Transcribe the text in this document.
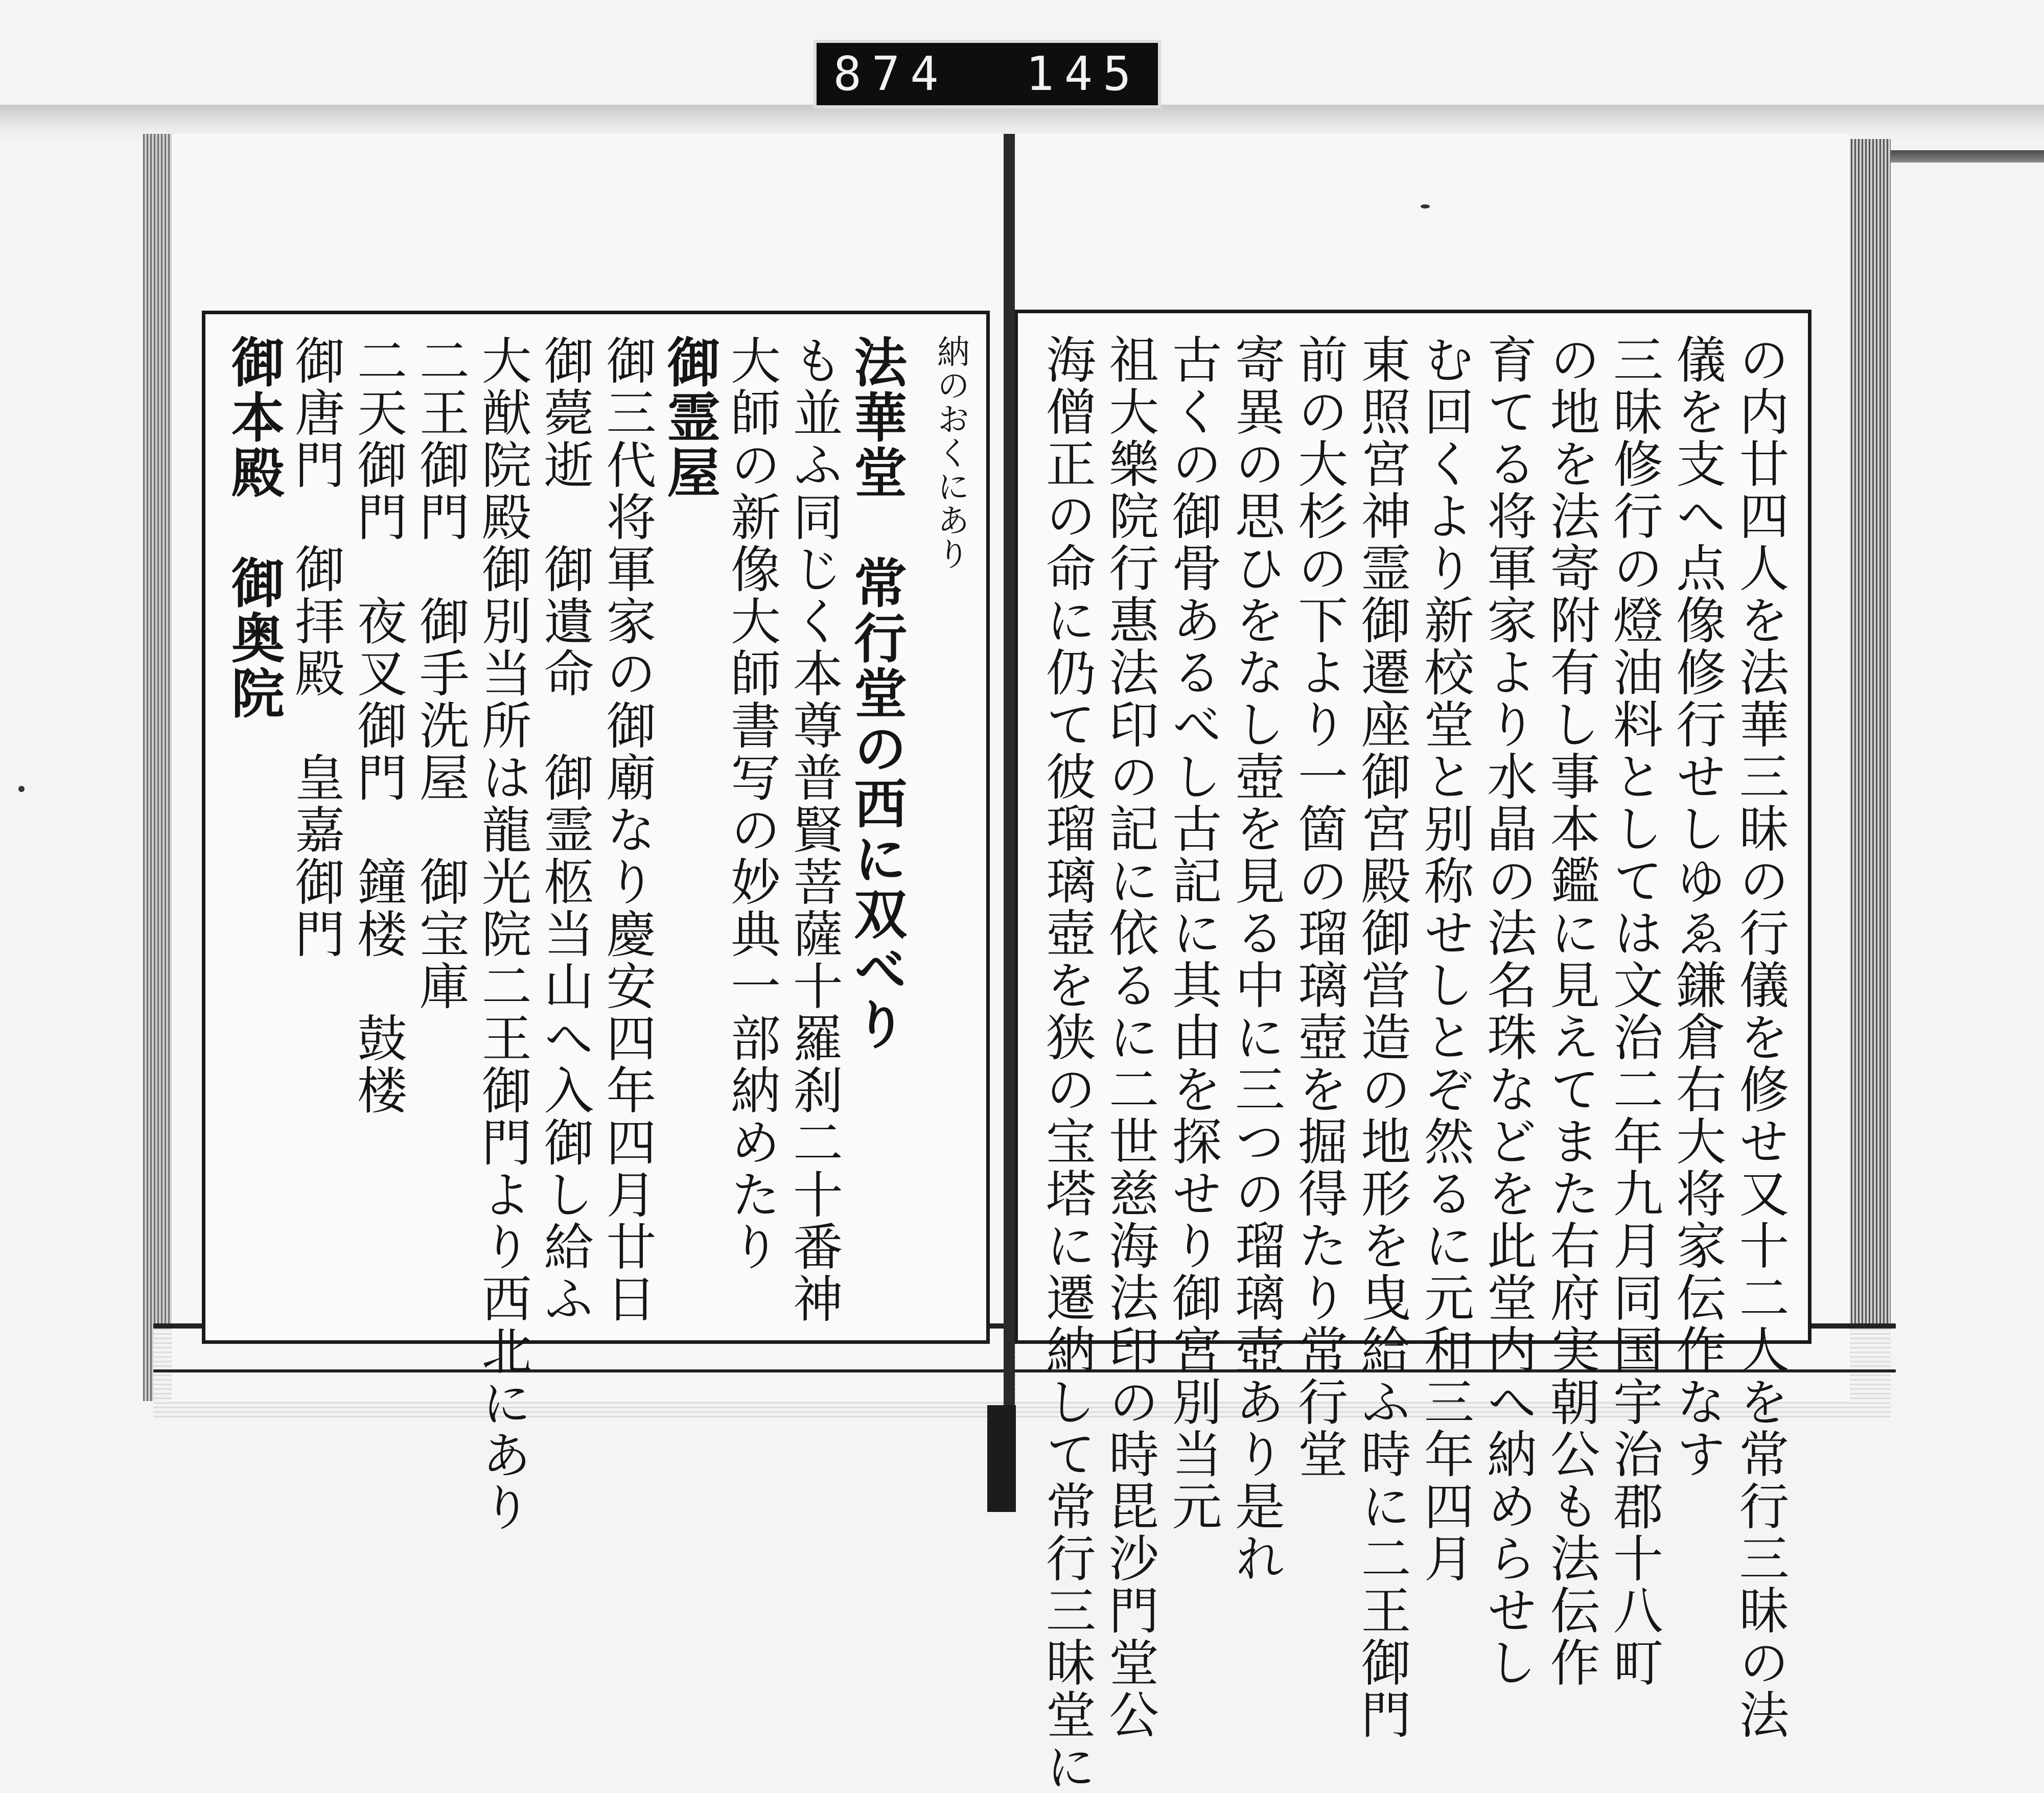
874  145
納のおくにあり
法華堂　常行堂の西に双べり
も並ふ同じく本尊普賢菩薩十羅刹二十番神
大師の新像大師書写の妙典一部納めたり
御霊屋
御三代将軍家の御廟なり慶安四年四月廿日
御薨逝　御遺命　御霊柩当山へ入御し給ふ
大猷院殿御別当所は龍光院二王御門より西北にあり
二王御門　御手洗屋　御宝庫
二天御門　夜叉御門　鐘楼　鼓楼
御唐門　御拝殿　皇嘉御門
御本殿　御奥院	の内廿四人を法華三昧の行儀を修せ又十二人を常行三昧の法
儀を支へ点像修行せしゆゑ鎌倉右大将家伝作なす
三昧修行の燈油料としては文治二年九月同国宇治郡十八町
の地を法寄附有し事本鑑に見えてまた右府実朝公も法伝作
育てる将軍家より水晶の法名珠などを此堂内へ納めらせし
む回くより新校堂と别称せしとぞ然るに元和三年四月
東照宮神霊御遷座御宮殿御営造の地形を曳給ふ時に二王御門
前の大杉の下より一箇の瑠璃壺を掘得たり常行堂
寄異の思ひをなし壺を見る中に三つの瑠璃壺あり是れ
古くの御骨あるべし古記に其由を探せり御宮別当元
祖大樂院行惠法印の記に依るに二世慈海法印の時毘沙門堂公
海僧正の命に仍て彼瑠璃壺を狭の宝塔に遷納して常行三昧堂に
